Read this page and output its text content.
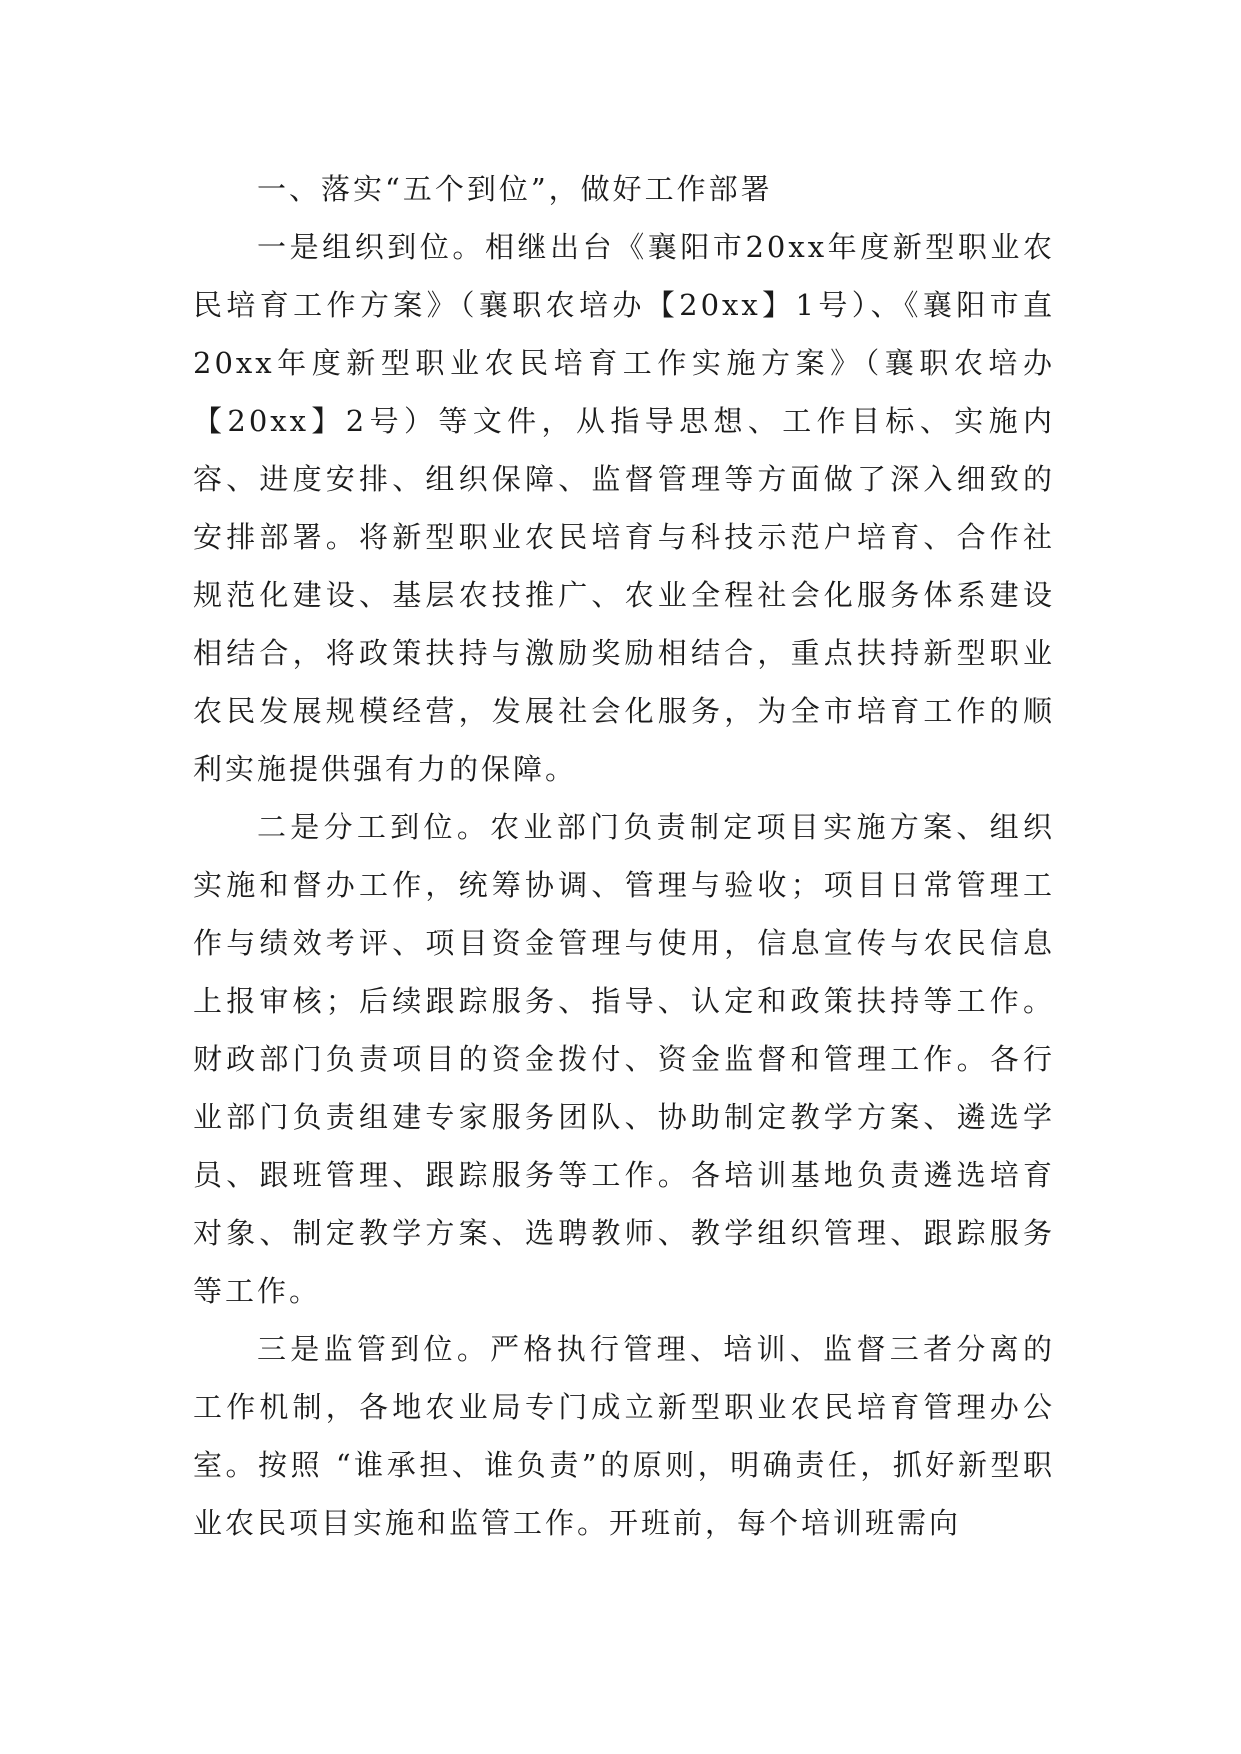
一、落实“五个到位”，做好工作部署

一是组织到位。相继出台《襄阳市20xx年度新型职业农民培育工作方案》（襄职农培办【20xx】1号）、《襄阳市直20xx年度新型职业农民培育工作实施方案》（襄职农培办【20xx】2号）等文件，从指导思想、工作目标、实施内容、进度安排、组织保障、监督管理等方面做了深入细致的安排部署。将新型职业农民培育与科技示范户培育、合作社规范化建设、基层农技推广、农业全程社会化服务体系建设相结合，将政策扶持与激励奖励相结合，重点扶持新型职业农民发展规模经营，发展社会化服务，为全市培育工作的顺利实施提供强有力的保障。

二是分工到位。农业部门负责制定项目实施方案、组织实施和督办工作，统筹协调、管理与验收；项目日常管理工作与绩效考评、项目资金管理与使用，信息宣传与农民信息上报审核；后续跟踪服务、指导、认定和政策扶持等工作。财政部门负责项目的资金拨付、资金监督和管理工作。各行业部门负责组建专家服务团队、协助制定教学方案、遴选学员、跟班管理、跟踪服务等工作。各培训基地负责遴选培育对象、制定教学方案、选聘教师、教学组织管理、跟踪服务等工作。

三是监管到位。严格执行管理、培训、监督三者分离的工作机制，各地农业局专门成立新型职业农民培育管理办公室。按照 “谁承担、谁负责”的原则，明确责任，抓好新型职业农民项目实施和监管工作。开班前，每个培训班需向
